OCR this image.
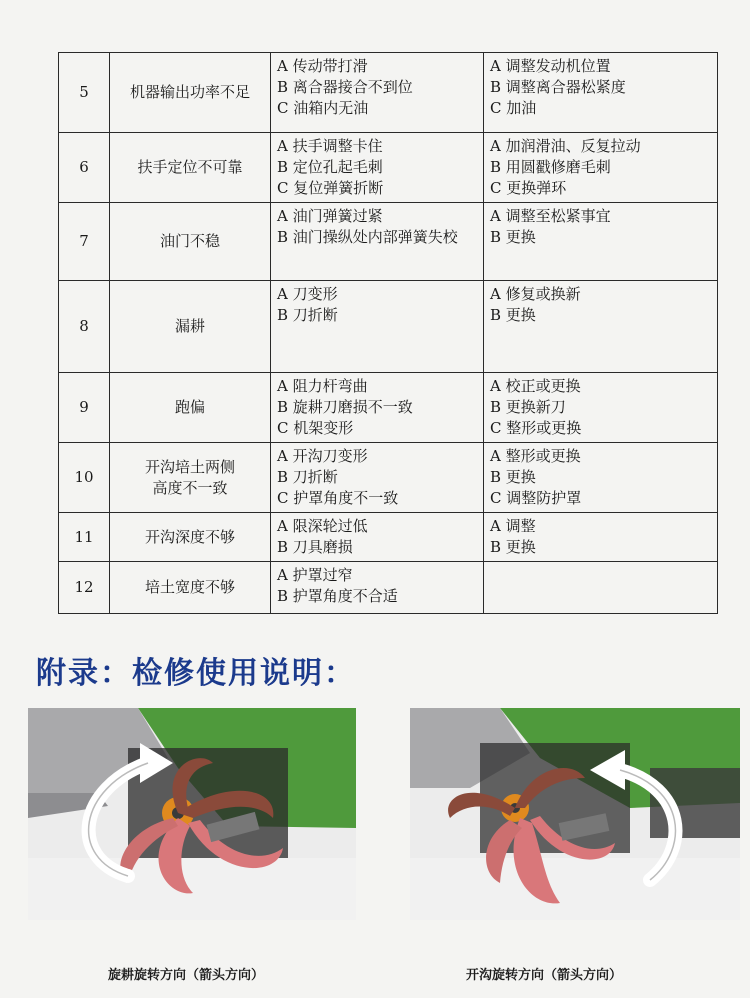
5	机器输出功率不足	A 传动带打滑
B 离合器接合不到位
C 油箱内无油	A 调整发动机位置
B 调整离合器松紧度
C 加油

6	扶手定位不可靠	A 扶手调整卡住
B 定位孔起毛刺
C 复位弹簧折断	A 加润滑油、反复拉动
B 用圆戳修磨毛刺
C 更换弹环

7	油门不稳	A 油门弹簧过紧
B 油门操纵处内部弹簧失校	A 调整至松紧事宜
B 更换

8	漏耕	A 刀变形
B 刀折断	A 修复或换新
B 更换

9	跑偏	A 阻力杆弯曲
B 旋耕刀磨损不一致
C 机架变形	A 校正或更换
B 更换新刀
C 整形或更换

10	开沟培土两侧
高度不一致	A 开沟刀变形
B 刀折断
C 护罩角度不一致	A 整形或更换
B 更换
C 调整防护罩

11	开沟深度不够	A 限深轮过低
B 刀具磨损	A 调整
B 更换

12	培土宽度不够	A 护罩过窄
B 护罩角度不合适	

附录：检修使用说明：
旋耕旋转方向（箭头方向）	开沟旋转方向（箭头方向）
